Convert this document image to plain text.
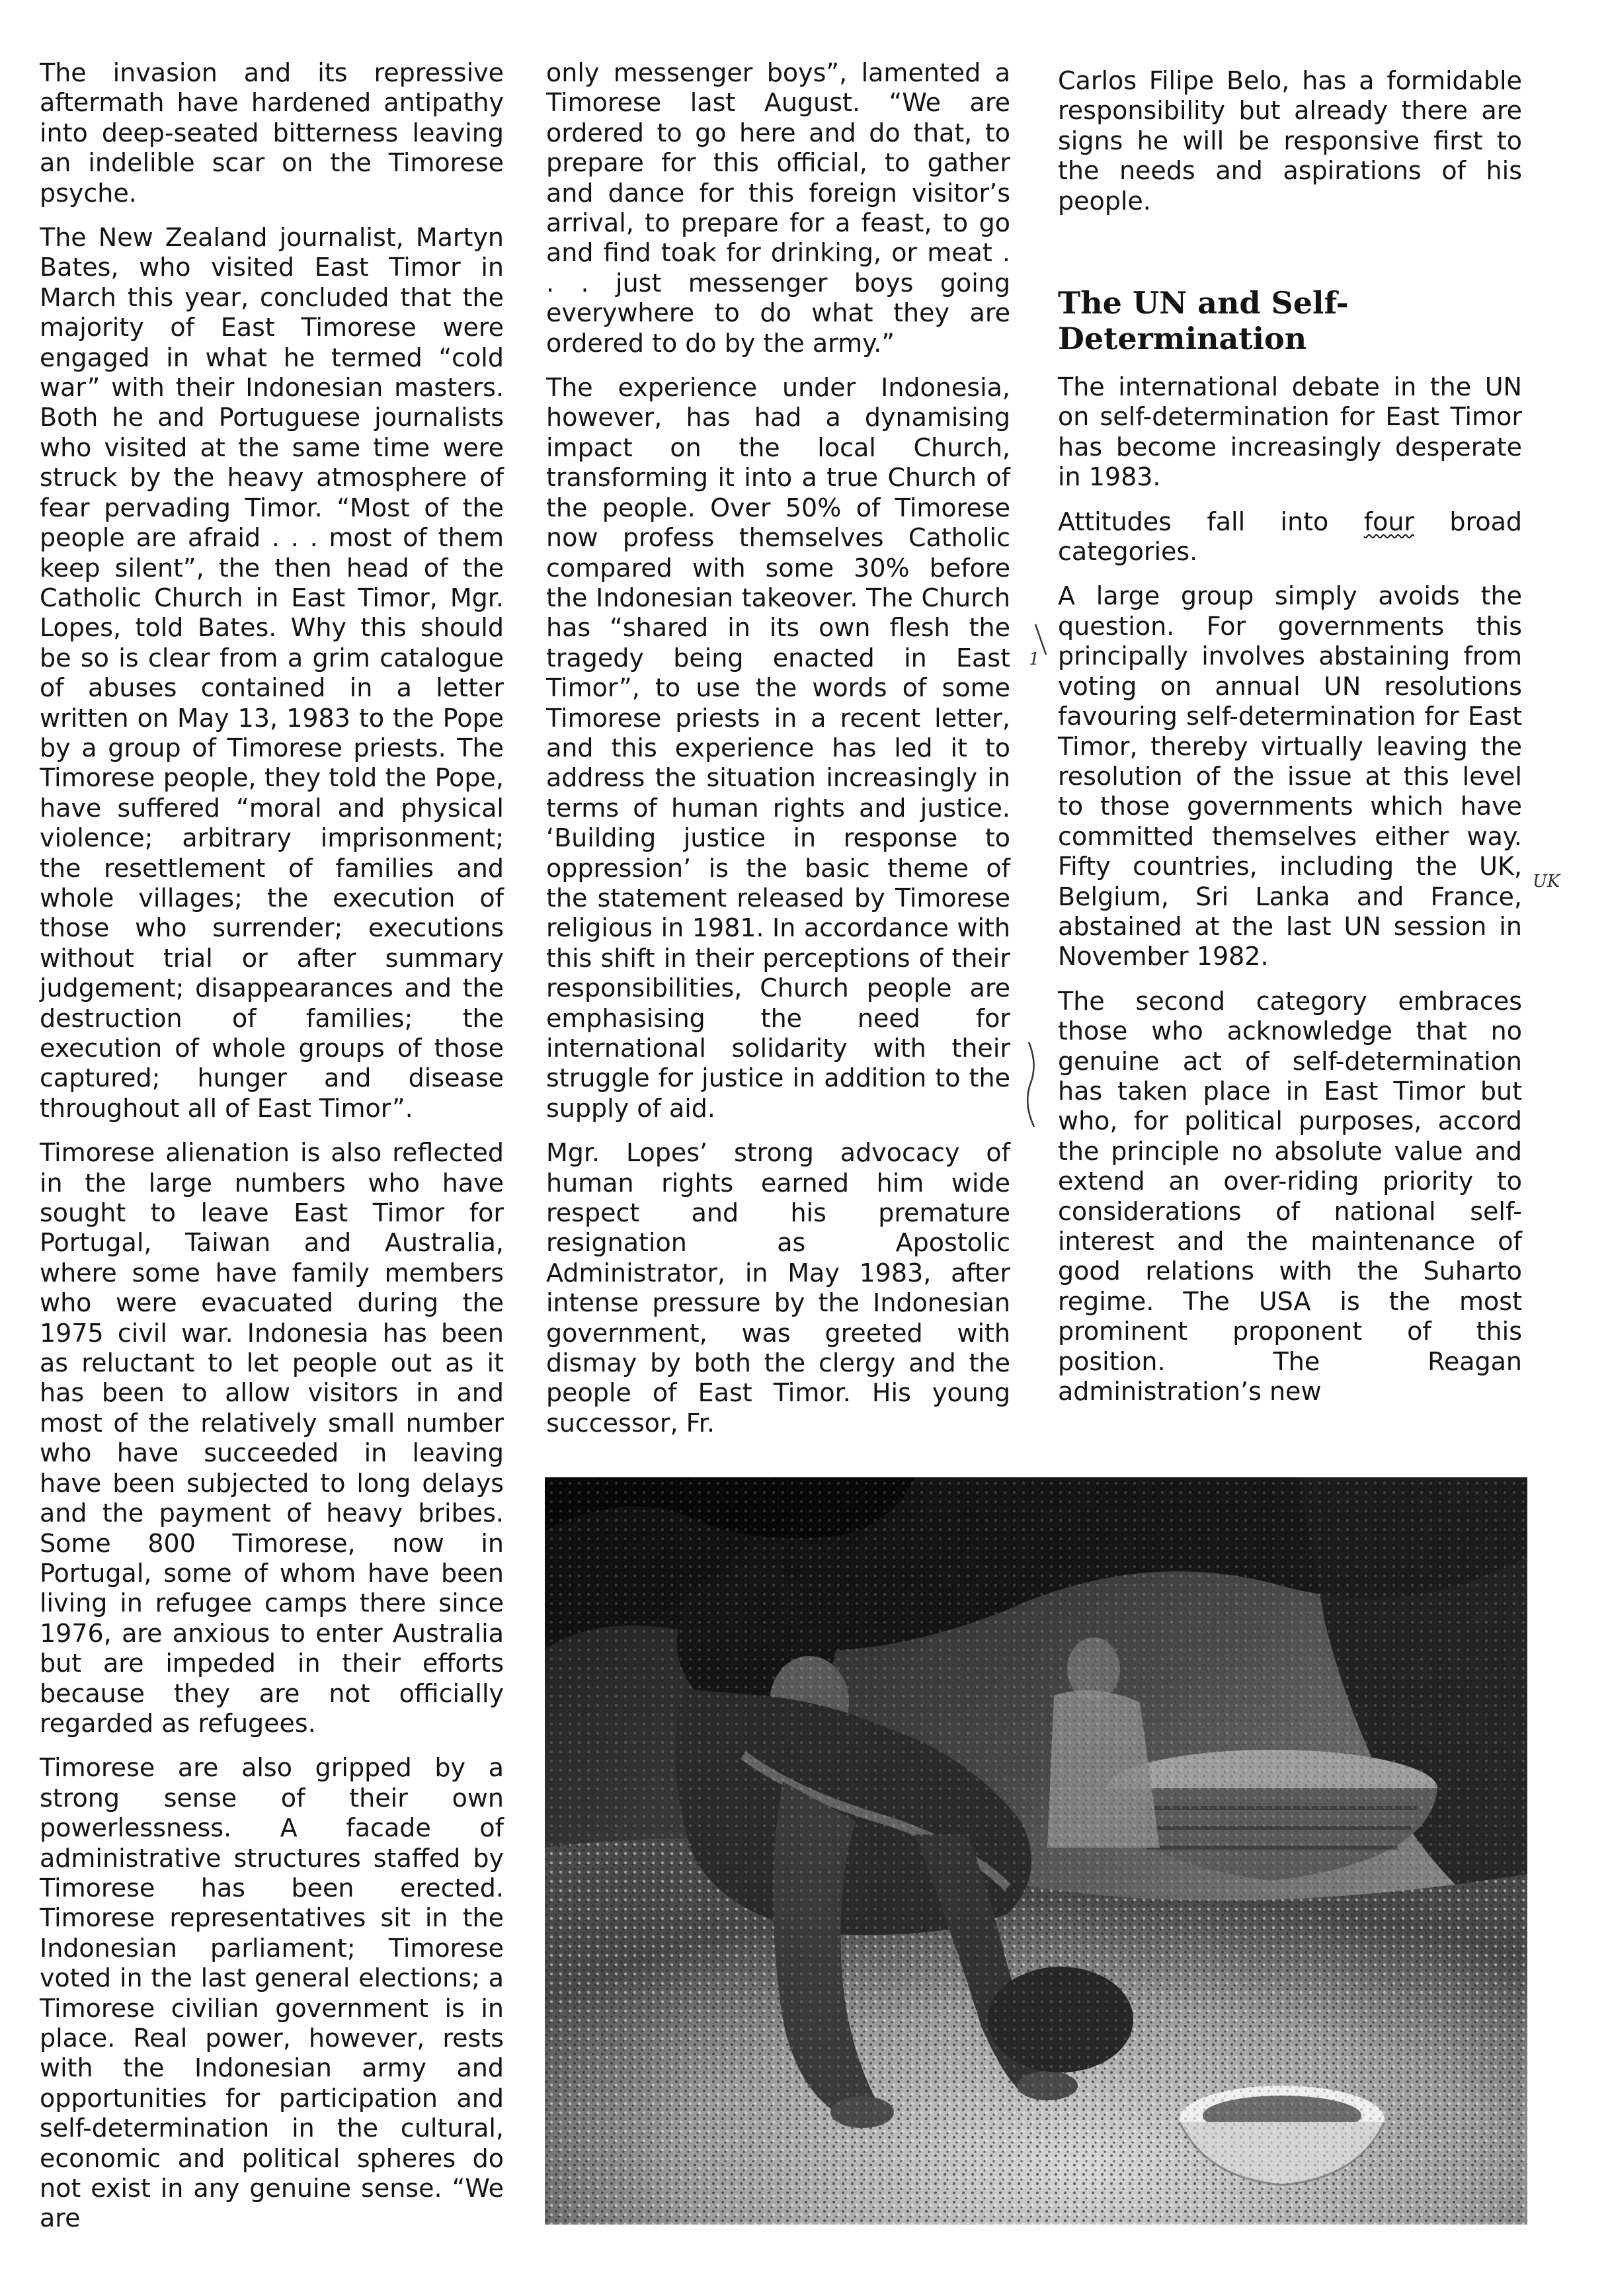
The invasion and its repressive aftermath have hardened antipathy into deep-seated bitterness leaving an indelible scar on the Timorese psyche.

The New Zealand journalist, Martyn Bates, who visited East Timor in March this year, concluded that the majority of East Timorese were engaged in what he termed “cold war” with their Indonesian masters. Both he and Portuguese journalists who visited at the same time were struck by the heavy atmosphere of fear pervading Timor. “Most of the people are afraid . . . most of them keep silent”, the then head of the Catholic Church in East Timor, Mgr. Lopes, told Bates. Why this should be so is clear from a grim catalogue of abuses contained in a letter written on May 13, 1983 to the Pope by a group of Timorese priests. The Timorese people, they told the Pope, have suffered “moral and physical violence; arbitrary imprisonment; the resettlement of families and whole villages; the execution of those who surrender; executions without trial or after summary judgement; disappearances and the destruction of families; the execution of whole groups of those captured; hunger and disease throughout all of East Timor”.

Timorese alienation is also reflected in the large numbers who have sought to leave East Timor for Portugal, Taiwan and Australia, where some have family members who were evacuated during the 1975 civil war. Indonesia has been as reluctant to let people out as it has been to allow visitors in and most of the relatively small number who have succeeded in leaving have been subjected to long delays and the payment of heavy bribes. Some 800 Timorese, now in Portugal, some of whom have been living in refugee camps there since 1976, are anxious to enter Australia but are impeded in their efforts because they are not officially regarded as refugees.

Timorese are also gripped by a strong sense of their own powerlessness. A facade of administrative structures staffed by Timorese has been erected. Timorese representatives sit in the Indonesian parliament; Timorese voted in the last general elections; a Timorese civilian government is in place. Real power, however, rests with the Indonesian army and opportunities for participation and self-determination in the cultural, economic and political spheres do not exist in any genuine sense. “We are

only messenger boys”, lamented a Timorese last August. “We are ordered to go here and do that, to prepare for this official, to gather and dance for this foreign visitor’s arrival, to prepare for a feast, to go and find toak for drinking, or meat . . . just messenger boys going everywhere to do what they are ordered to do by the army.”

The experience under Indonesia, however, has had a dynamising impact on the local Church, transforming it into a true Church of the people. Over 50% of Timorese now profess themselves Catholic compared with some 30% before the Indonesian takeover. The Church has “shared in its own flesh the tragedy being enacted in East Timor”, to use the words of some Timorese priests in a recent letter, and this experience has led it to address the situation increasingly in terms of human rights and justice. ‘Building justice in response to oppression’ is the basic theme of the statement released by Timorese religious in 1981. In accordance with this shift in their perceptions of their responsibilities, Church people are emphasising the need for international solidarity with their struggle for justice in addition to the supply of aid.

Mgr. Lopes’ strong advocacy of human rights earned him wide respect and his premature resignation as Apostolic Administrator, in May 1983, after intense pressure by the Indonesian government, was greeted with dismay by both the clergy and the people of East Timor. His young successor, Fr.

Carlos Filipe Belo, has a formidable responsibility but already there are signs he will be responsive first to the needs and aspirations of his people.

The UN and Self-Determination

The international debate in the UN on self-determination for East Timor has become increasingly desperate in 1983.

Attitudes fall into four broad categories.

A large group simply avoids the question. For governments this principally involves abstaining from voting on annual UN resolutions favouring self-determination for East Timor, thereby virtually leaving the resolution of the issue at this level to those governments which have committed themselves either way. Fifty countries, including the UK, Belgium, Sri Lanka and France, abstained at the last UN session in November 1982.

The second category embraces those who acknowledge that no genuine act of self-determination has taken place in East Timor but who, for political purposes, accord the principle no absolute value and extend an over-riding priority to considerations of national self-interest and the maintenance of good relations with the Suharto regime. The USA is the most prominent proponent of this position. The Reagan administration’s new

1
UK
